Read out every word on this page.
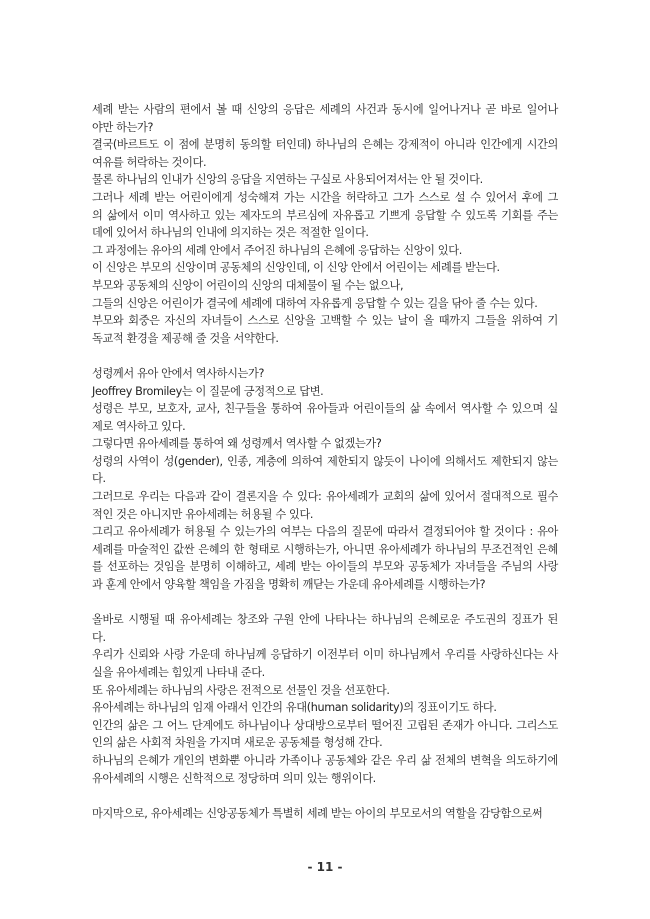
세례 받는 사람의 편에서 볼 때 신앙의 응답은 세례의 사건과 동시에 일어나거나 곧 바로 일어나
야만 하는가?
결국(바르트도 이 점에 분명히 동의할 터인데) 하나님의 은혜는 강제적이 아니라 인간에게 시간의
여유를 허락하는 것이다.
물론 하나님의 인내가 신앙의 응답을 지연하는 구실로 사용되어져서는 안 될 것이다.
그러나 세례 받는 어린이에게 성숙해져 가는 시간을 허락하고 그가 스스로 설 수 있어서 후에 그
의 삶에서 이미 역사하고 있는 제자도의 부르심에 자유롭고 기쁘게 응답할 수 있도록 기회를 주는
데에 있어서 하나님의 인내에 의지하는 것은 적절한 일이다.
그 과정에는 유아의 세례 안에서 주어진 하나님의 은혜에 응답하는 신앙이 있다.
이 신앙은 부모의 신앙이며 공동체의 신앙인데, 이 신앙 안에서 어린이는 세례를 받는다.
부모와 공동체의 신앙이 어린이의 신앙의 대체물이 될 수는 없으나,
그들의 신앙은 어린이가 결국에 세례에 대하여 자유롭게 응답할 수 있는 길을 닦아 줄 수는 있다.
부모와 회중은 자신의 자녀들이 스스로 신앙을 고백할 수 있는 날이 올 때까지 그들을 위하여 기
독교적 환경을 제공해 줄 것을 서약한다.
성령께서 유아 안에서 역사하시는가?
Jeoffrey Bromiley는 이 질문에 긍정적으로 답변.
성령은 부모, 보호자, 교사, 친구들을 통하여 유아들과 어린이들의 삶 속에서 역사할 수 있으며 실
제로 역사하고 있다.
그렇다면 유아세례를 통하여 왜 성령께서 역사할 수 없겠는가?
성령의 사역이 성(gender), 인종, 계층에 의하여 제한되지 않듯이 나이에 의해서도 제한되지 않는
다.
그러므로 우리는 다음과 같이 결론지을 수 있다: 유아세례가 교회의 삶에 있어서 절대적으로 필수
적인 것은 아니지만 유아세례는 허용될 수 있다.
그리고 유아세례가 허용될 수 있는가의 여부는 다음의 질문에 따라서 결정되어야 할 것이다 : 유아
세례를 마술적인 값싼 은혜의 한 형태로 시행하는가, 아니면 유아세례가 하나님의 무조건적인 은혜
를 선포하는 것임을 분명히 이해하고, 세례 받는 아이들의 부모와 공동체가 자녀들을 주님의 사랑
과 훈계 안에서 양육할 책임을 가짐을 명확히 깨닫는 가운데 유아세례를 시행하는가?
올바로 시행될 때 유아세례는 창조와 구원 안에 나타나는 하나님의 은혜로운 주도권의 징표가 된
다.
우리가 신뢰와 사랑 가운데 하나님께 응답하기 이전부터 이미 하나님께서 우리를 사랑하신다는 사
실을 유아세례는 힘있게 나타내 준다.
또 유아세례는 하나님의 사랑은 전적으로 선물인 것을 선포한다.
유아세례는 하나님의 임재 아래서 인간의 유대(human solidarity)의 징표이기도 하다.
인간의 삶은 그 어느 단계에도 하나님이나 상대방으로부터 떨어진 고립된 존재가 아니다. 그리스도
인의 삶은 사회적 차원을 가지며 새로운 공동체를 형성해 간다.
하나님의 은혜가 개인의 변화뿐 아니라 가족이나 공동체와 같은 우리 삶 전체의 변혁을 의도하기에
유아세례의 시행은 신학적으로 정당하며 의미 있는 행위이다.
마지막으로, 유아세례는 신앙공동체가 특별히 세례 받는 아이의 부모로서의 역할을 감당함으로써
- 11 -
